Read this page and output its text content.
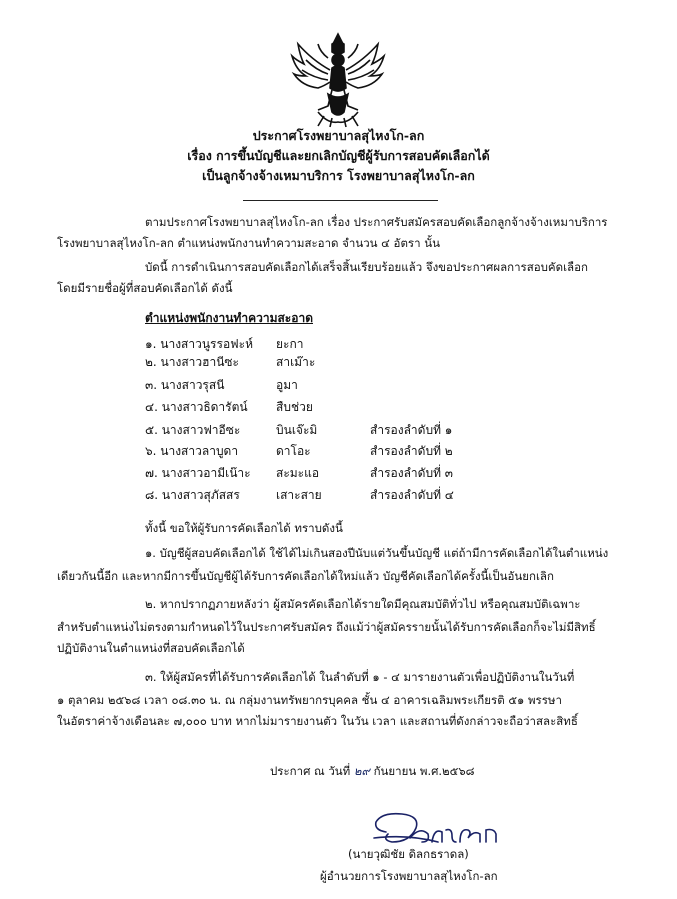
ประกาศโรงพยาบาลสุไหงโก-ลก
เรื่อง การขึ้นบัญชีและยกเลิกบัญชีผู้รับการสอบคัดเลือกได้
เป็นลูกจ้างจ้างเหมาบริการ โรงพยาบาลสุไหงโก-ลก
ตามประกาศโรงพยาบาลสุไหงโก-ลก เรื่อง ประกาศรับสมัครสอบคัดเลือกลูกจ้างจ้างเหมาบริการ
โรงพยาบาลสุไหงโก-ลก ตำแหน่งพนักงานทำความสะอาด จำนวน ๔ อัตรา นั้น
บัดนี้ การดำเนินการสอบคัดเลือกได้เสร็จสิ้นเรียบร้อยแล้ว จึงขอประกาศผลการสอบคัดเลือก
โดยมีรายชื่อผู้ที่สอบคัดเลือกได้ ดังนี้
ตำแหน่งพนักงานทำความสะอาด
๑. นางสาวนูรรอฟะห์ ยะกา
๒. นางสาวฮานีซะ	สาเม๊าะ
๓. นางสาวรุสนี	อูมา
๔. นางสาวธิดารัตน์ สืบช่วย
๕. นางสาวฟาอีซะ	บินเจ๊ะมิ	สำรองลำดับที่ ๑
๖. นางสาวลาบูดา	ดาโอะ	สำรองลำดับที่ ๒
๗. นางสาวอามีเน๊าะ สะมะแอ	สำรองลำดับที่ ๓
๘. นางสาวสุภัสสร	เสาะสาย	สำรองลำดับที่ ๔
ทั้งนี้ ขอให้ผู้รับการคัดเลือกได้ ทราบดังนี้
๑. บัญชีผู้สอบคัดเลือกได้ ใช้ได้ไม่เกินสองปีนับแต่วันขึ้นบัญชี แต่ถ้ามีการคัดเลือกได้ในตำแหน่ง
เดียวกันนี้อีก และหากมีการขึ้นบัญชีผู้ได้รับการคัดเลือกได้ใหม่แล้ว บัญชีคัดเลือกได้ครั้งนี้เป็นอันยกเลิก
๒. หากปรากฏภายหลังว่า ผู้สมัครคัดเลือกได้รายใดมีคุณสมบัติทั่วไป หรือคุณสมบัติเฉพาะ
สำหรับตำแหน่งไม่ตรงตามกำหนดไว้ในประกาศรับสมัคร ถึงแม้ว่าผู้สมัครรายนั้นได้รับการคัดเลือกก็จะไม่มีสิทธิ์
ปฏิบัติงานในตำแหน่งที่สอบคัดเลือกได้
๓. ให้ผู้สมัครที่ได้รับการคัดเลือกได้ ในลำดับที่ ๑ - ๔ มารายงานตัวเพื่อปฏิบัติงานในวันที่
๑ ตุลาคม ๒๕๖๘ เวลา ๐๘.๓๐ น. ณ กลุ่มงานทรัพยากรบุคคล ชั้น ๔ อาคารเฉลิมพระเกียรติ ๕๑ พรรษา
ในอัตราค่าจ้างเดือนละ ๗,๐๐๐ บาท หากไม่มารายงานตัว ในวัน เวลา และสถานที่ดังกล่าวจะถือว่าสละสิทธิ์
ประกาศ ณ วันที่ ๒๙ กันยายน พ.ศ.๒๕๖๘
(นายวุฒิชัย ดิลกธราดล)
ผู้อำนวยการโรงพยาบาลสุไหงโก-ลก
